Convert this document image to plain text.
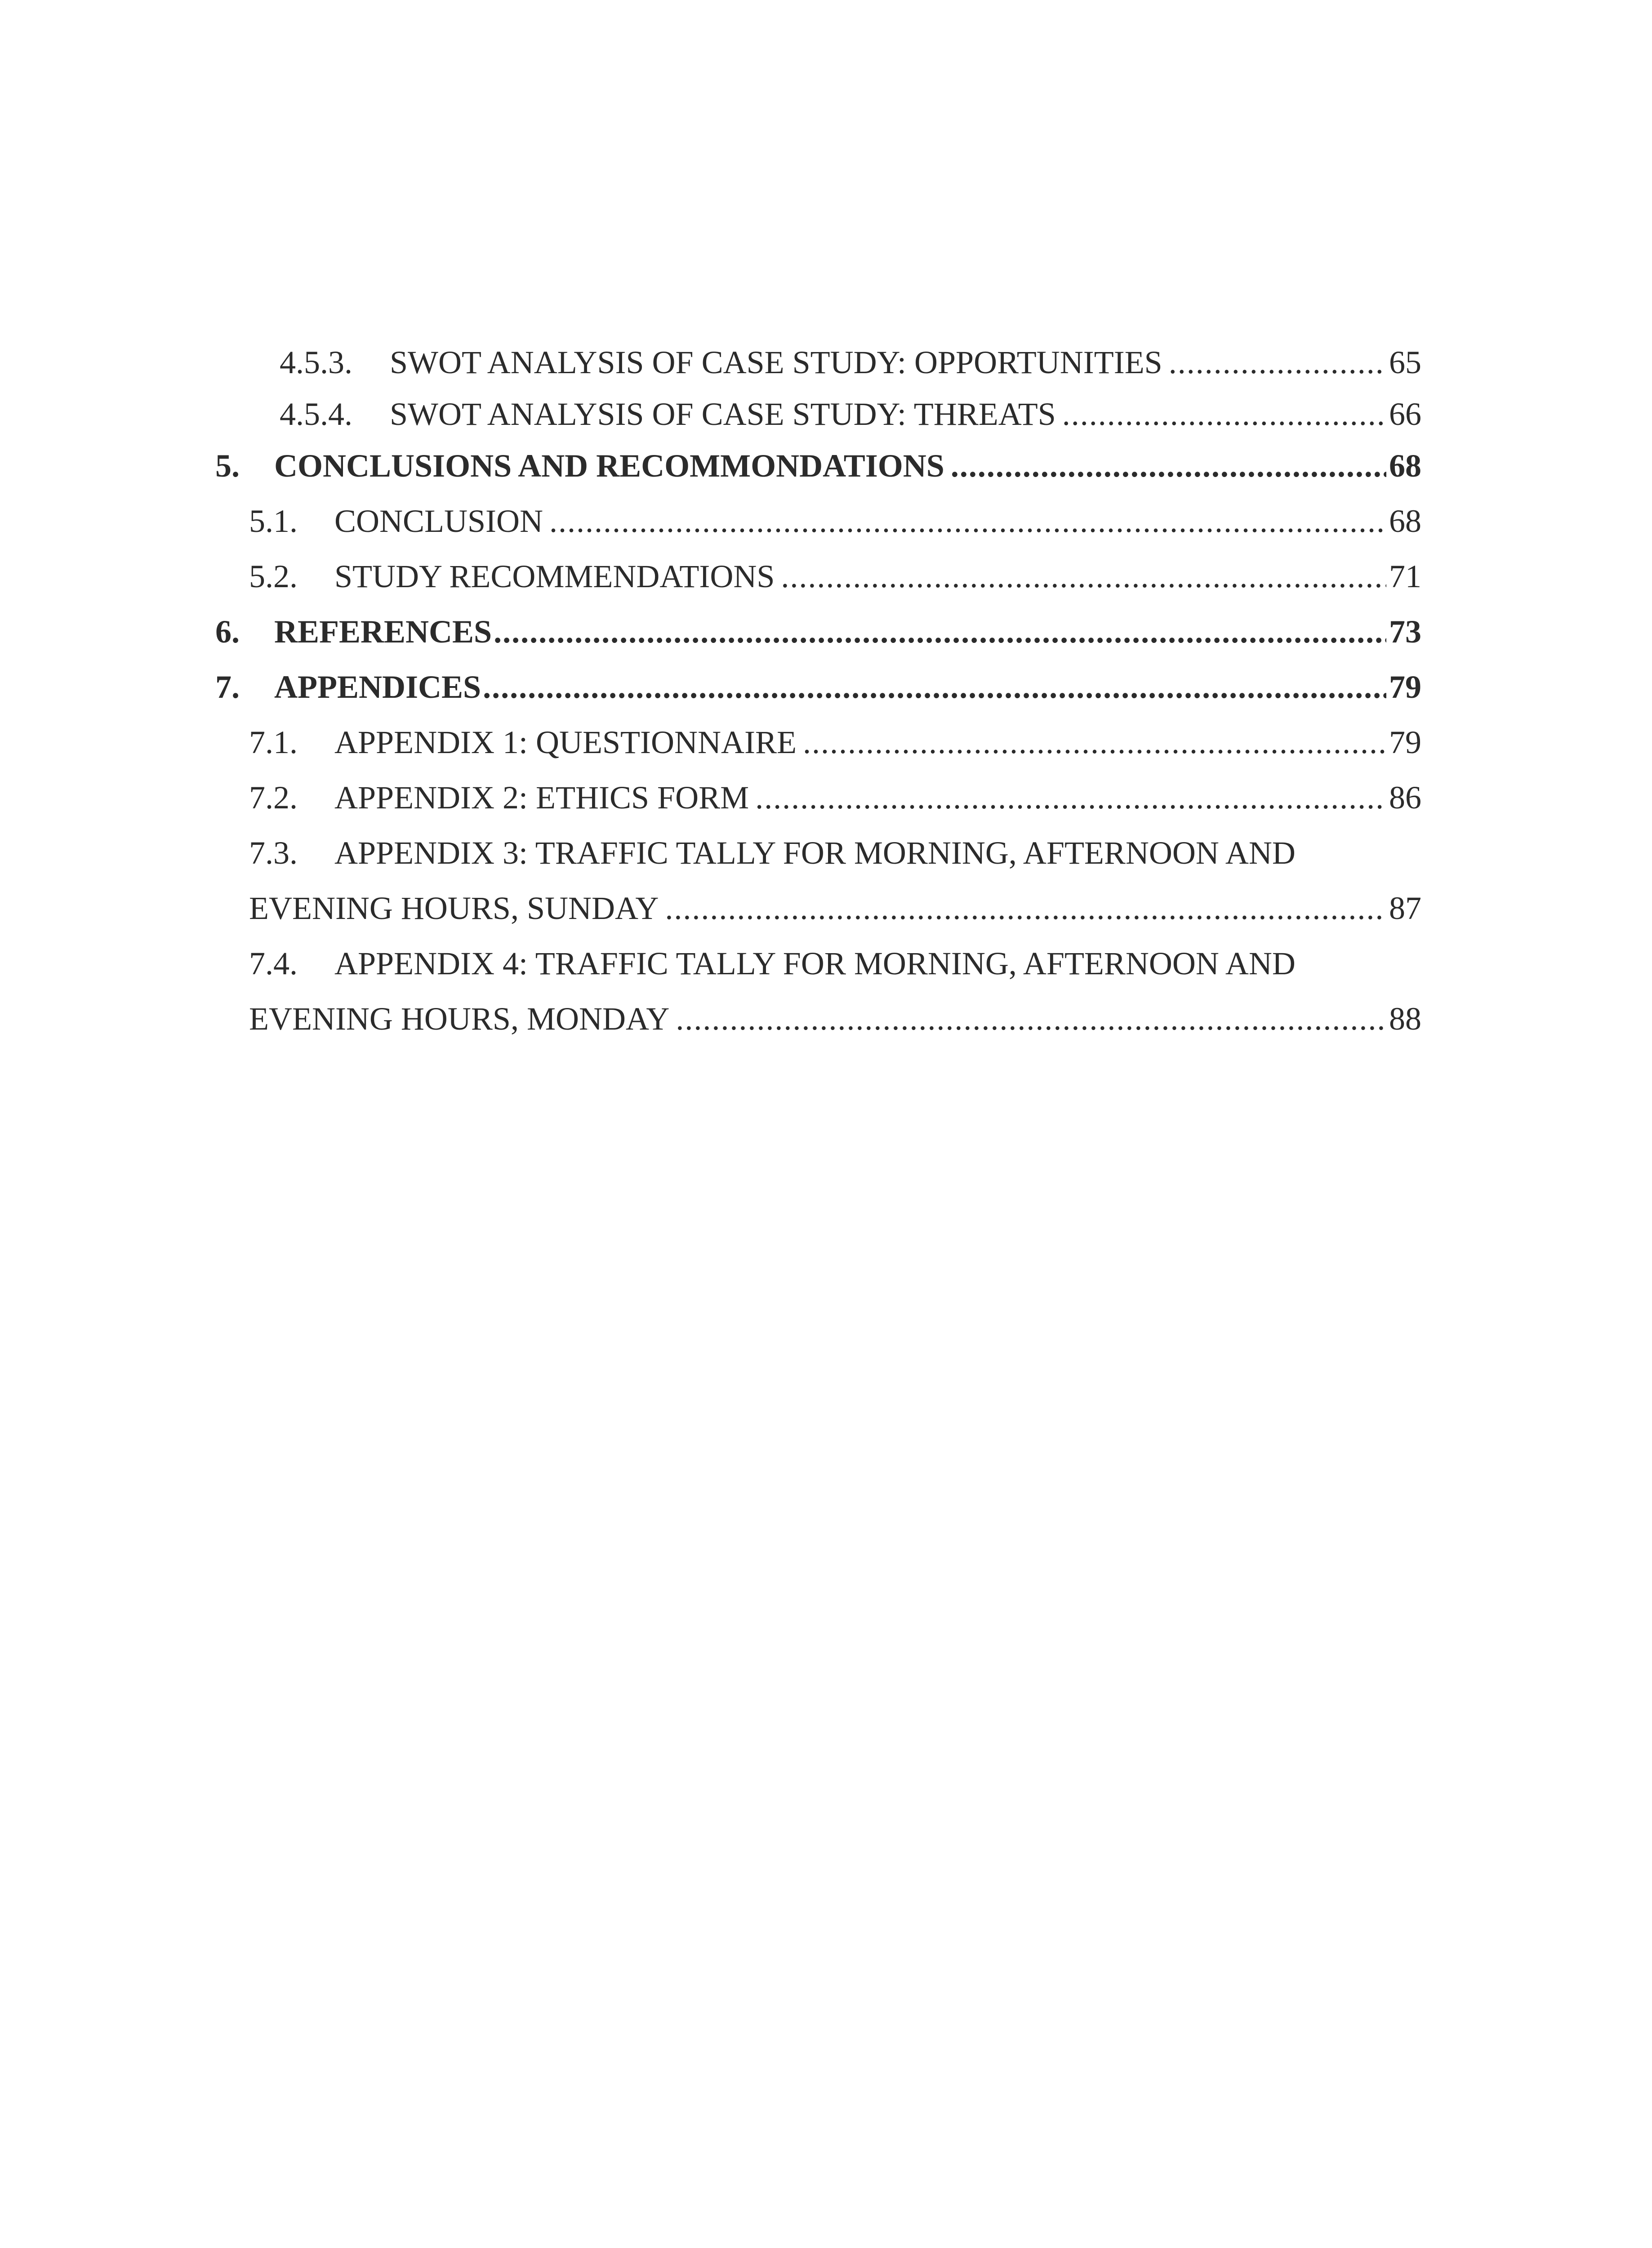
4.5.3.	SWOT ANALYSIS OF CASE STUDY: OPPORTUNITIES .....	65
4.5.4.	SWOT ANALYSIS OF CASE STUDY: THREATS .....	66
5.	CONCLUSIONS AND RECOMMONDATIONS .....	68
5.1.	CONCLUSION .....	68
5.2.	STUDY RECOMMENDATIONS .....	71
6.	REFERENCES .....	73
7.	APPENDICES .....	79
7.1.	APPENDIX 1: QUESTIONNAIRE .....	79
7.2.	APPENDIX 2: ETHICS FORM .....	86
7.3. APPENDIX 3: TRAFFIC TALLY FOR MORNING, AFTERNOON AND
EVENING HOURS, SUNDAY .....	87
7.4. APPENDIX 4: TRAFFIC TALLY FOR MORNING, AFTERNOON AND
EVENING HOURS, MONDAY .....	88
